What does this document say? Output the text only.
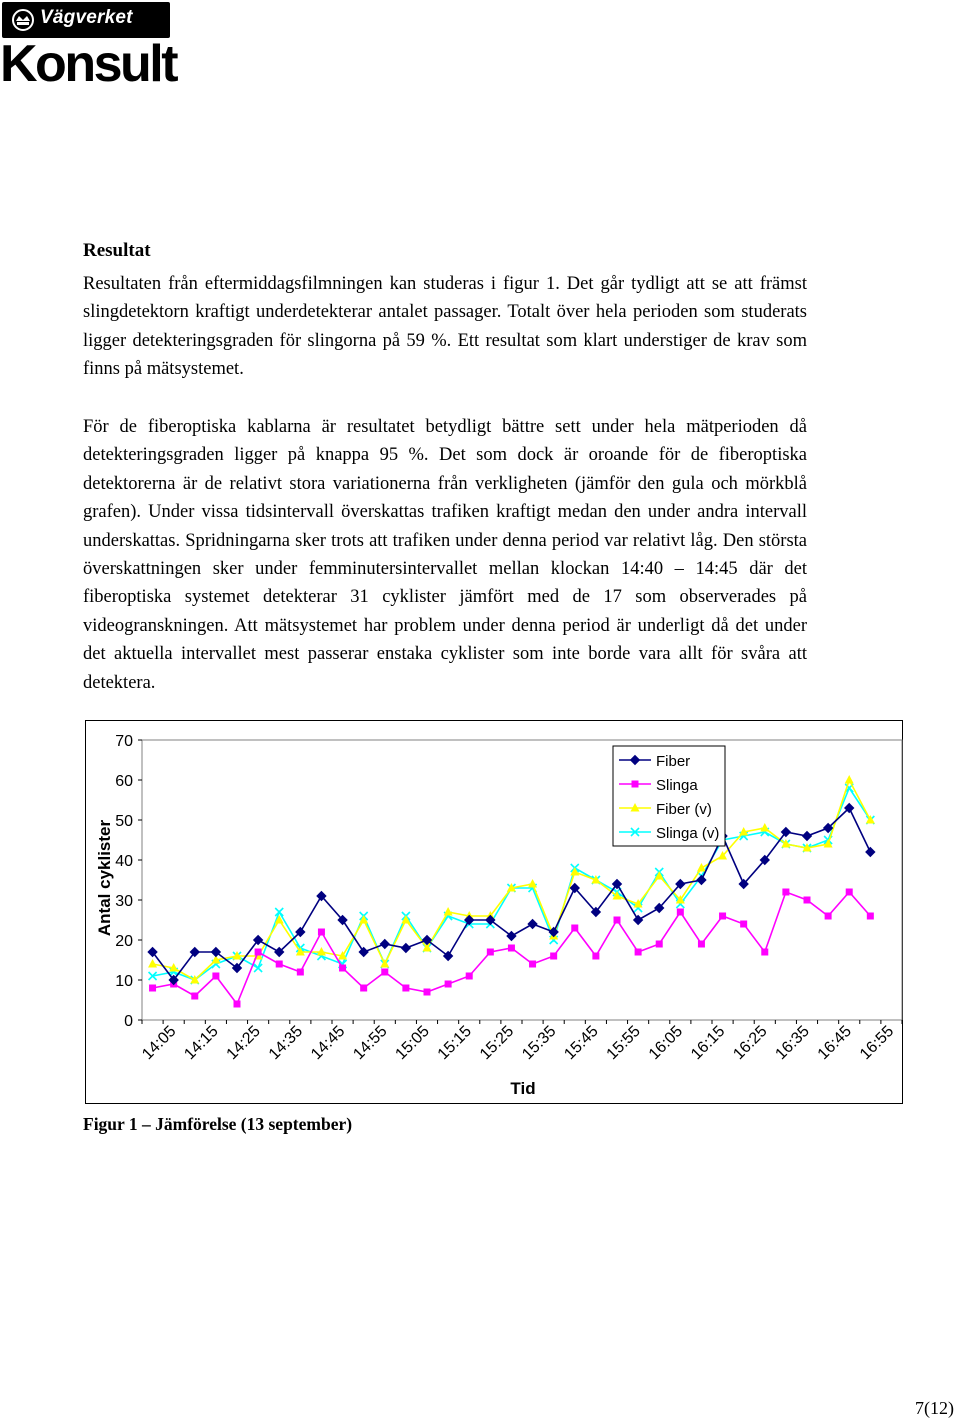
Vägverket
Konsult
Resultat

Resultaten från eftermiddagsfilmningen kan studeras i figur 1. Det går tydligt att se att främst slingdetektorn kraftigt underdetekterar antalet passager. Totalt över hela perioden som studerats ligger detekteringsgraden för slingorna på 59 %. Ett resultat som klart understiger de krav som finns på mätsystemet.

För de fiberoptiska kablarna är resultatet betydligt bättre sett under hela mätperioden då detekteringsgraden ligger på knappa 95 %. Det som dock är oroande för de fiberoptiska detektorerna är de relativt stora variationerna från verkligheten (jämför den gula och mörkblå grafen). Under vissa tidsintervall överskattas trafiken kraftigt medan den under andra intervall underskattas. Spridningarna sker trots att trafiken under denna period var relativt låg. Den största överskattningen sker under femminutersintervallet mellan klockan 14:40 – 14:45 där det fiberoptiska systemet detekterar 31 cyklister jämfört med de 17 som observerades på videogranskningen. Att mätsystemet har problem under denna period är underligt då det under det aktuella intervallet mest passerar enstaka cyklister som inte borde vara allt för svåra att detektera.

0
10
20
30
40
50
60
70
14:05 14:15 14:25 14:35 14:45 14:55 15:05 15:15 15:25 15:35 15:45 15:55 16:05 16:15 16:25 16:35 16:45 16:55
Tid
Antal cyklister
Fiber
Slinga
Fiber (v)
Slinga (v)
Figur 1 – Jämförelse (13 september)
7(12)
